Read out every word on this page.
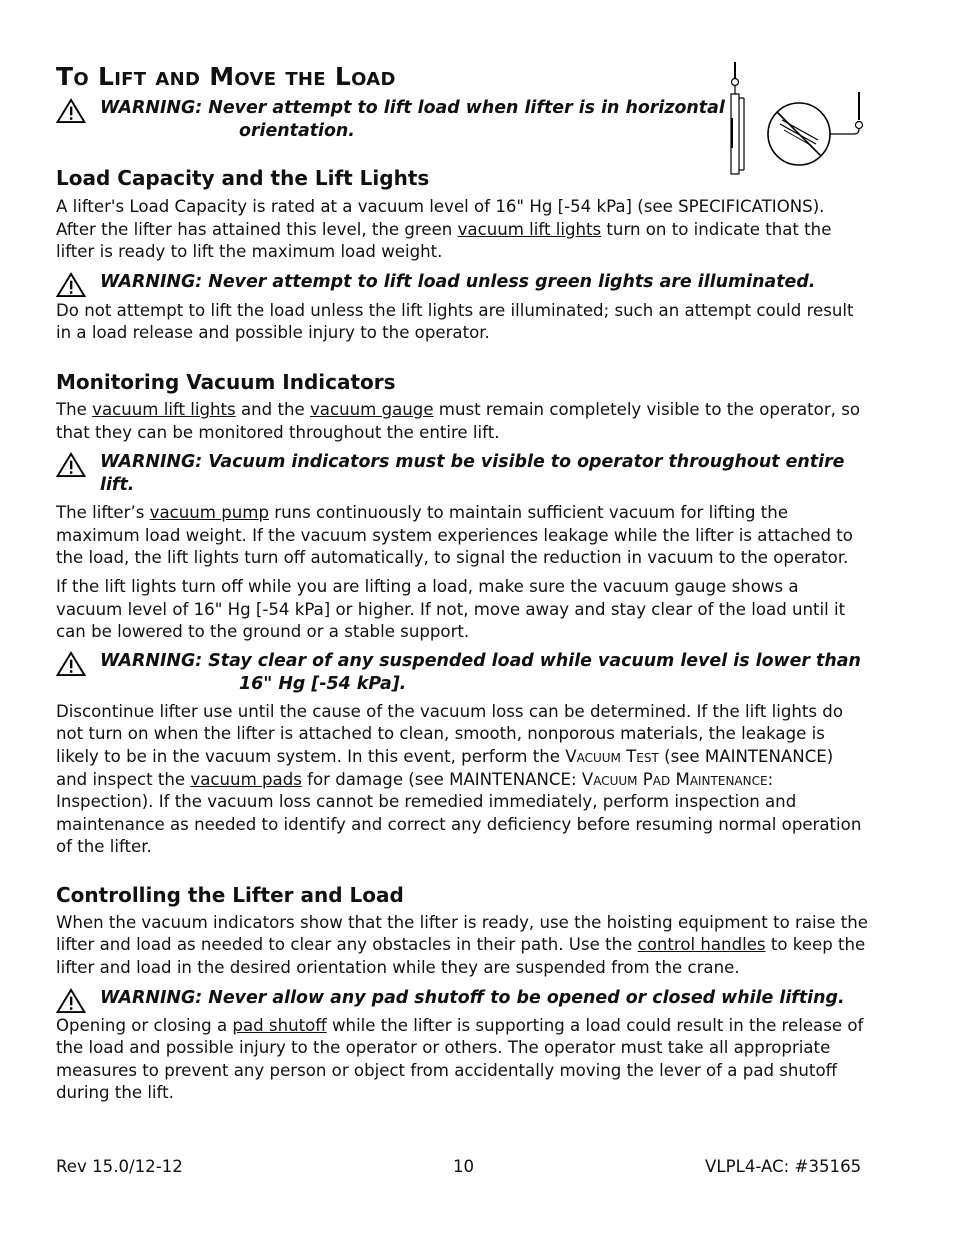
To Lift and Move the Load
WARNING: Never attempt to lift load when lifter is in horizontal
orientation.
Load Capacity and the Lift Lights

A lifter's Load Capacity is rated at a vacuum level of 16" Hg [-54 kPa] (see SPECIFICATIONS). After the lifter has attained this level, the green vacuum lift lights turn on to indicate that the lifter is ready to lift the maximum load weight.

WARNING: Never attempt to lift load unless green lights are illuminated.

Do not attempt to lift the load unless the lift lights are illuminated; such an attempt could result in a load release and possible injury to the operator.

Monitoring Vacuum Indicators

The vacuum lift lights and the vacuum gauge must remain completely visible to the operator, so that they can be monitored throughout the entire lift.

WARNING: Vacuum indicators must be visible to operator throughout entire lift.

The lifter’s vacuum pump runs continuously to maintain sufficient vacuum for lifting the maximum load weight. If the vacuum system experiences leakage while the lifter is attached to the load, the lift lights turn off automatically, to signal the reduction in vacuum to the operator.

If the lift lights turn off while you are lifting a load, make sure the vacuum gauge shows a vacuum level of 16" Hg [-54 kPa] or higher. If not, move away and stay clear of the load until it can be lowered to the ground or a stable support.

WARNING: Stay clear of any suspended load while vacuum level is lower than
16" Hg [-54 kPa].

Discontinue lifter use until the cause of the vacuum loss can be determined. If the lift lights do not turn on when the lifter is attached to clean, smooth, nonporous materials, the leakage is likely to be in the vacuum system. In this event, perform the Vacuum Test (see MAINTENANCE) and inspect the vacuum pads for damage (see MAINTENANCE: Vacuum Pad Maintenance: Inspection). If the vacuum loss cannot be remedied immediately, perform inspection and maintenance as needed to identify and correct any deficiency before resuming normal operation of the lifter.

Controlling the Lifter and Load

When the vacuum indicators show that the lifter is ready, use the hoisting equipment to raise the lifter and load as needed to clear any obstacles in their path. Use the control handles to keep the lifter and load in the desired orientation while they are suspended from the crane.

WARNING: Never allow any pad shutoff to be opened or closed while lifting.

Opening or closing a pad shutoff while the lifter is supporting a load could result in the release of the load and possible injury to the operator or others. The operator must take all appropriate measures to prevent any person or object from accidentally moving the lever of a pad shutoff during the lift.

Rev 15.0/12-12	10	VLPL4-AC: #35165
